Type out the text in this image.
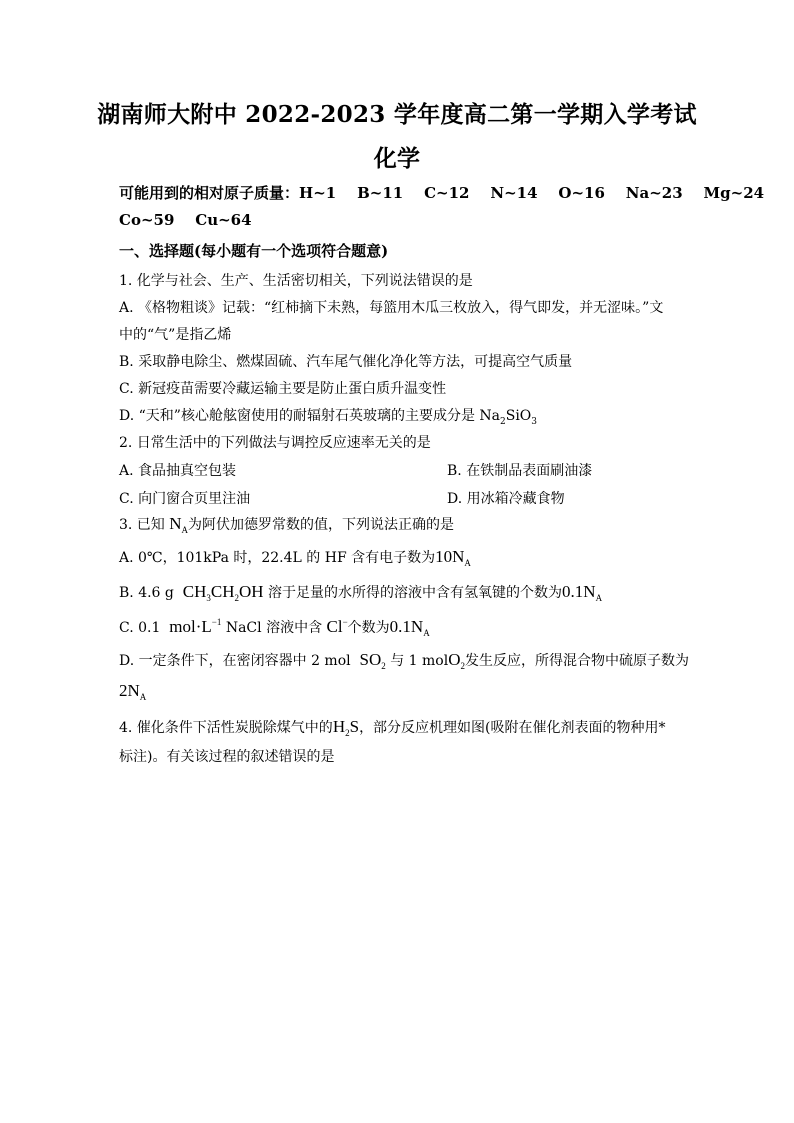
湖南师大附中 2022-2023 学年度高二第一学期入学考试
化学
可能用到的相对原子质量：H~1    B~11    C~12    N~14    O~16    Na~23    Mg~24
Co~59    Cu~64
一、选择题(每小题有一个选项符合题意)
1. 化学与社会、生产、生活密切相关，下列说法错误的是
A. 《格物粗谈》记载：“红柿摘下未熟，每篮用木瓜三枚放入，得气即发，并无涩味。”文
中的“气”是指乙烯
B. 采取静电除尘、燃煤固硫、汽车尾气催化净化等方法，可提高空气质量
C. 新冠疫苗需要冷藏运输主要是防止蛋白质升温变性
D. “天和”核心舱舷窗使用的耐辐射石英玻璃的主要成分是 $Na_2SiO_3$
2. 日常生活中的下列做法与调控反应速率无关的是
A. 食品抽真空包装	B. 在铁制品表面刷油漆
C. 向门窗合页里注油	D. 用冰箱冷藏食物
3. 已知 $N_A$为阿伏加德罗常数的值，下列说法正确的是
A. 0℃，101kPa 时，22.4L 的 HF 含有电子数为$10N_A$
B. 4.6 g $CH_3CH_2OH$ 溶于足量的水所得的溶液中含有氢氧键的个数为$0.1N_A$
C. 0.1 $mol\cdot L^{-1}$ NaCl 溶液中含 Cl−个数为$0.1N_A$
D. 一定条件下，在密闭容器中 2 mol $SO_2$ 与 1 molO$_2$发生反应，所得混合物中硫原子数为
$2N_A$
4. 催化条件下活性炭脱除煤气中的$H_2S$，部分反应机理如图(吸附在催化剂表面的物种用*
标注)。有关该过程的叙述错误的是
